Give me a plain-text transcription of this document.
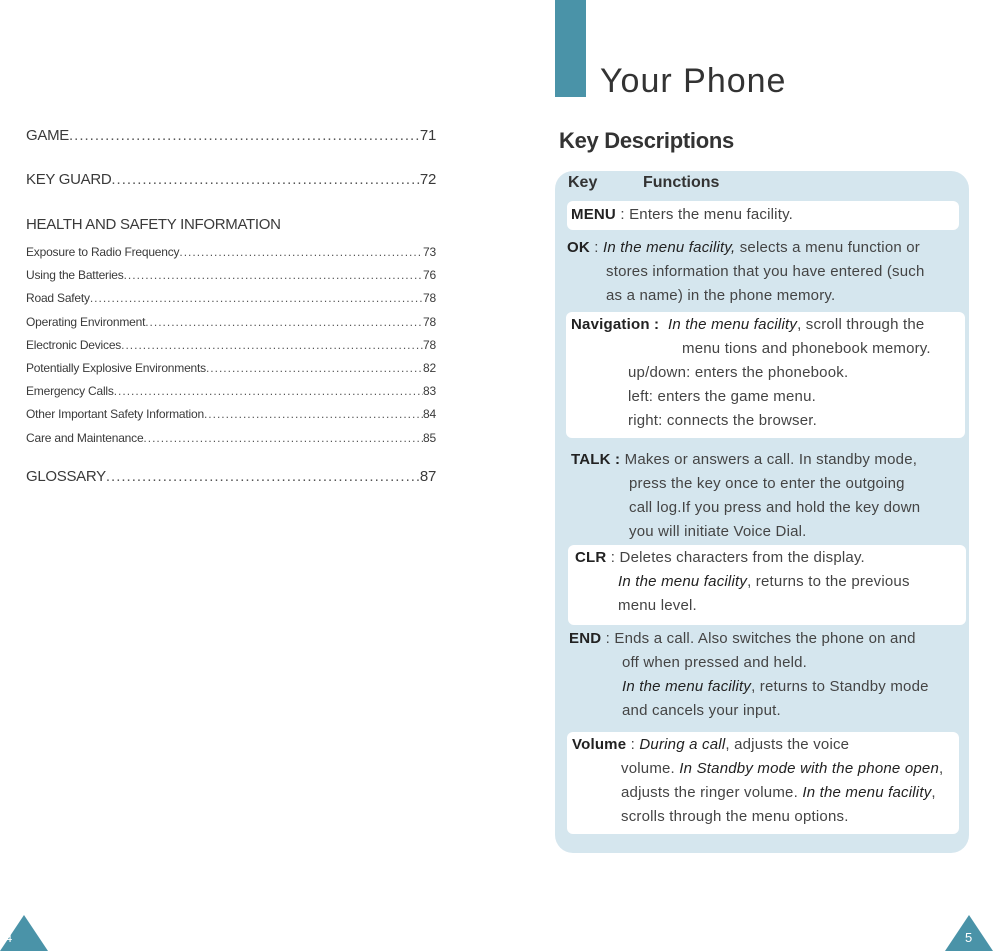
GAME .....	71
KEY GUARD .....	72
HEALTH AND SAFETY INFORMATION
Exposure to Radio Frequency .....	73
Using the Batteries .....	76
Road Safety .....	78
Operating Environment .....	78
Electronic Devices .....	78
Potentially Explosive Environments .....	82
Emergency Calls .....	83
Other Important Safety Information .....	84
Care and Maintenance .....	85
GLOSSARY .....	87
4
Your Phone
Key Descriptions
Key	Functions
MENU : Enters the menu facility.
OK : In the menu facility, selects a menu function or
stores information that you have entered (such
as a name) in the phone memory.
Navigation : In the menu facility, scroll through the
menu tions and phonebook memory.
up/down: enters the phonebook.
left: enters the game menu.
right: connects the browser.
TALK : Makes or answers a call. In standby mode,
press the key once to enter the outgoing
call log.If you press and hold the key down
you will initiate Voice Dial.
CLR : Deletes characters from the display.
In the menu facility, returns to the previous
menu level.
END : Ends a call. Also switches the phone on and
off when pressed and held.
In the menu facility, returns to Standby mode
and cancels your input.
Volume : During a call, adjusts the voice
volume. In Standby mode with the phone open,
adjusts the ringer volume. In the menu facility,
scrolls through the menu options.
5
